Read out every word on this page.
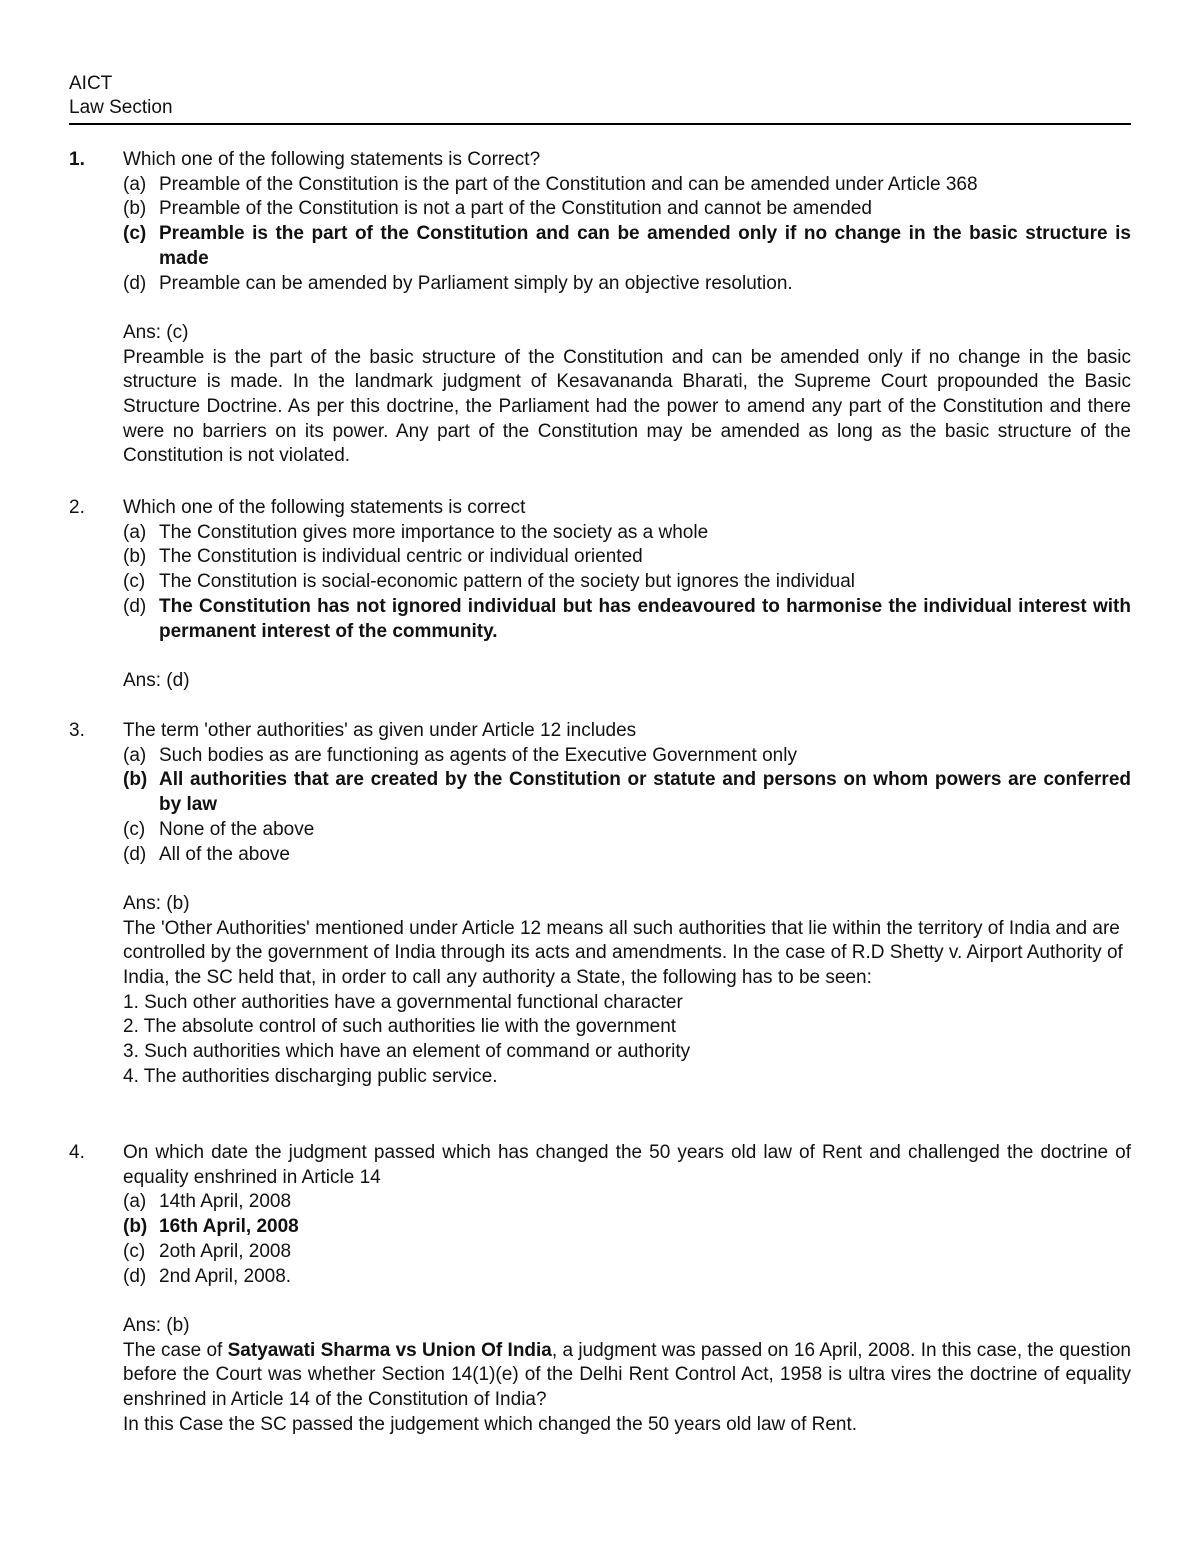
AICT
Law Section
1. Which one of the following statements is Correct?
(a) Preamble of the Constitution is the part of the Constitution and can be amended under Article 368
(b) Preamble of the Constitution is not a part of the Constitution and cannot be amended
(c) Preamble is the part of the Constitution and can be amended only if no change in the basic structure is made
(d) Preamble can be amended by Parliament simply by an objective resolution.
Ans: (c)
Preamble is the part of the basic structure of the Constitution and can be amended only if no change in the basic structure is made. In the landmark judgment of Kesavananda Bharati, the Supreme Court propounded the Basic Structure Doctrine. As per this doctrine, the Parliament had the power to amend any part of the Constitution and there were no barriers on its power. Any part of the Constitution may be amended as long as the basic structure of the Constitution is not violated.
2. Which one of the following statements is correct
(a) The Constitution gives more importance to the society as a whole
(b) The Constitution is individual centric or individual oriented
(c) The Constitution is social-economic pattern of the society but ignores the individual
(d) The Constitution has not ignored individual but has endeavoured to harmonise the individual interest with permanent interest of the community.
Ans: (d)
3. The term 'other authorities' as given under Article 12 includes
(a) Such bodies as are functioning as agents of the Executive Government only
(b) All authorities that are created by the Constitution or statute and persons on whom powers are conferred by law
(c) None of the above
(d) All of the above
Ans: (b)
The 'Other Authorities' mentioned under Article 12 means all such authorities that lie within the territory of India and are controlled by the government of India through its acts and amendments. In the case of R.D Shetty v. Airport Authority of India, the SC held that, in order to call any authority a State, the following has to be seen:
1. Such other authorities have a governmental functional character
2. The absolute control of such authorities lie with the government
3. Such authorities which have an element of command or authority
4. The authorities discharging public service.
4. On which date the judgment passed which has changed the 50 years old law of Rent and challenged the doctrine of equality enshrined in Article 14
(a) 14th April, 2008
(b) 16th April, 2008
(c) 2oth April, 2008
(d) 2nd April, 2008.
Ans: (b)
The case of Satyawati Sharma vs Union Of India, a judgment was passed on 16 April, 2008. In this case, the question before the Court was whether Section 14(1)(e) of the Delhi Rent Control Act, 1958 is ultra vires the doctrine of equality enshrined in Article 14 of the Constitution of India?
In this Case the SC passed the judgement which changed the 50 years old law of Rent.
